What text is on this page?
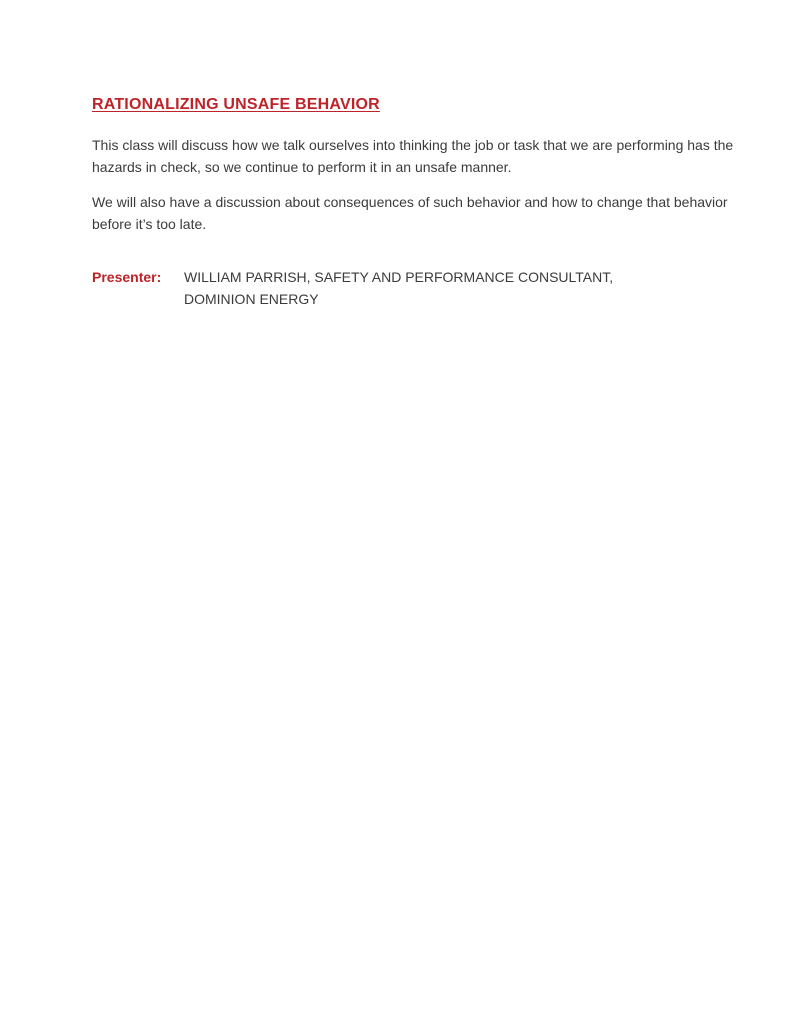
RATIONALIZING UNSAFE BEHAVIOR

This class will discuss how we talk ourselves into thinking the job or task that we are performing has the hazards in check, so we continue to perform it in an unsafe manner.

We will also have a discussion about consequences of such behavior and how to change that behavior before it’s too late.

Presenter:	WILLIAM PARRISH, SAFETY AND PERFORMANCE CONSULTANT,
DOMINION ENERGY
